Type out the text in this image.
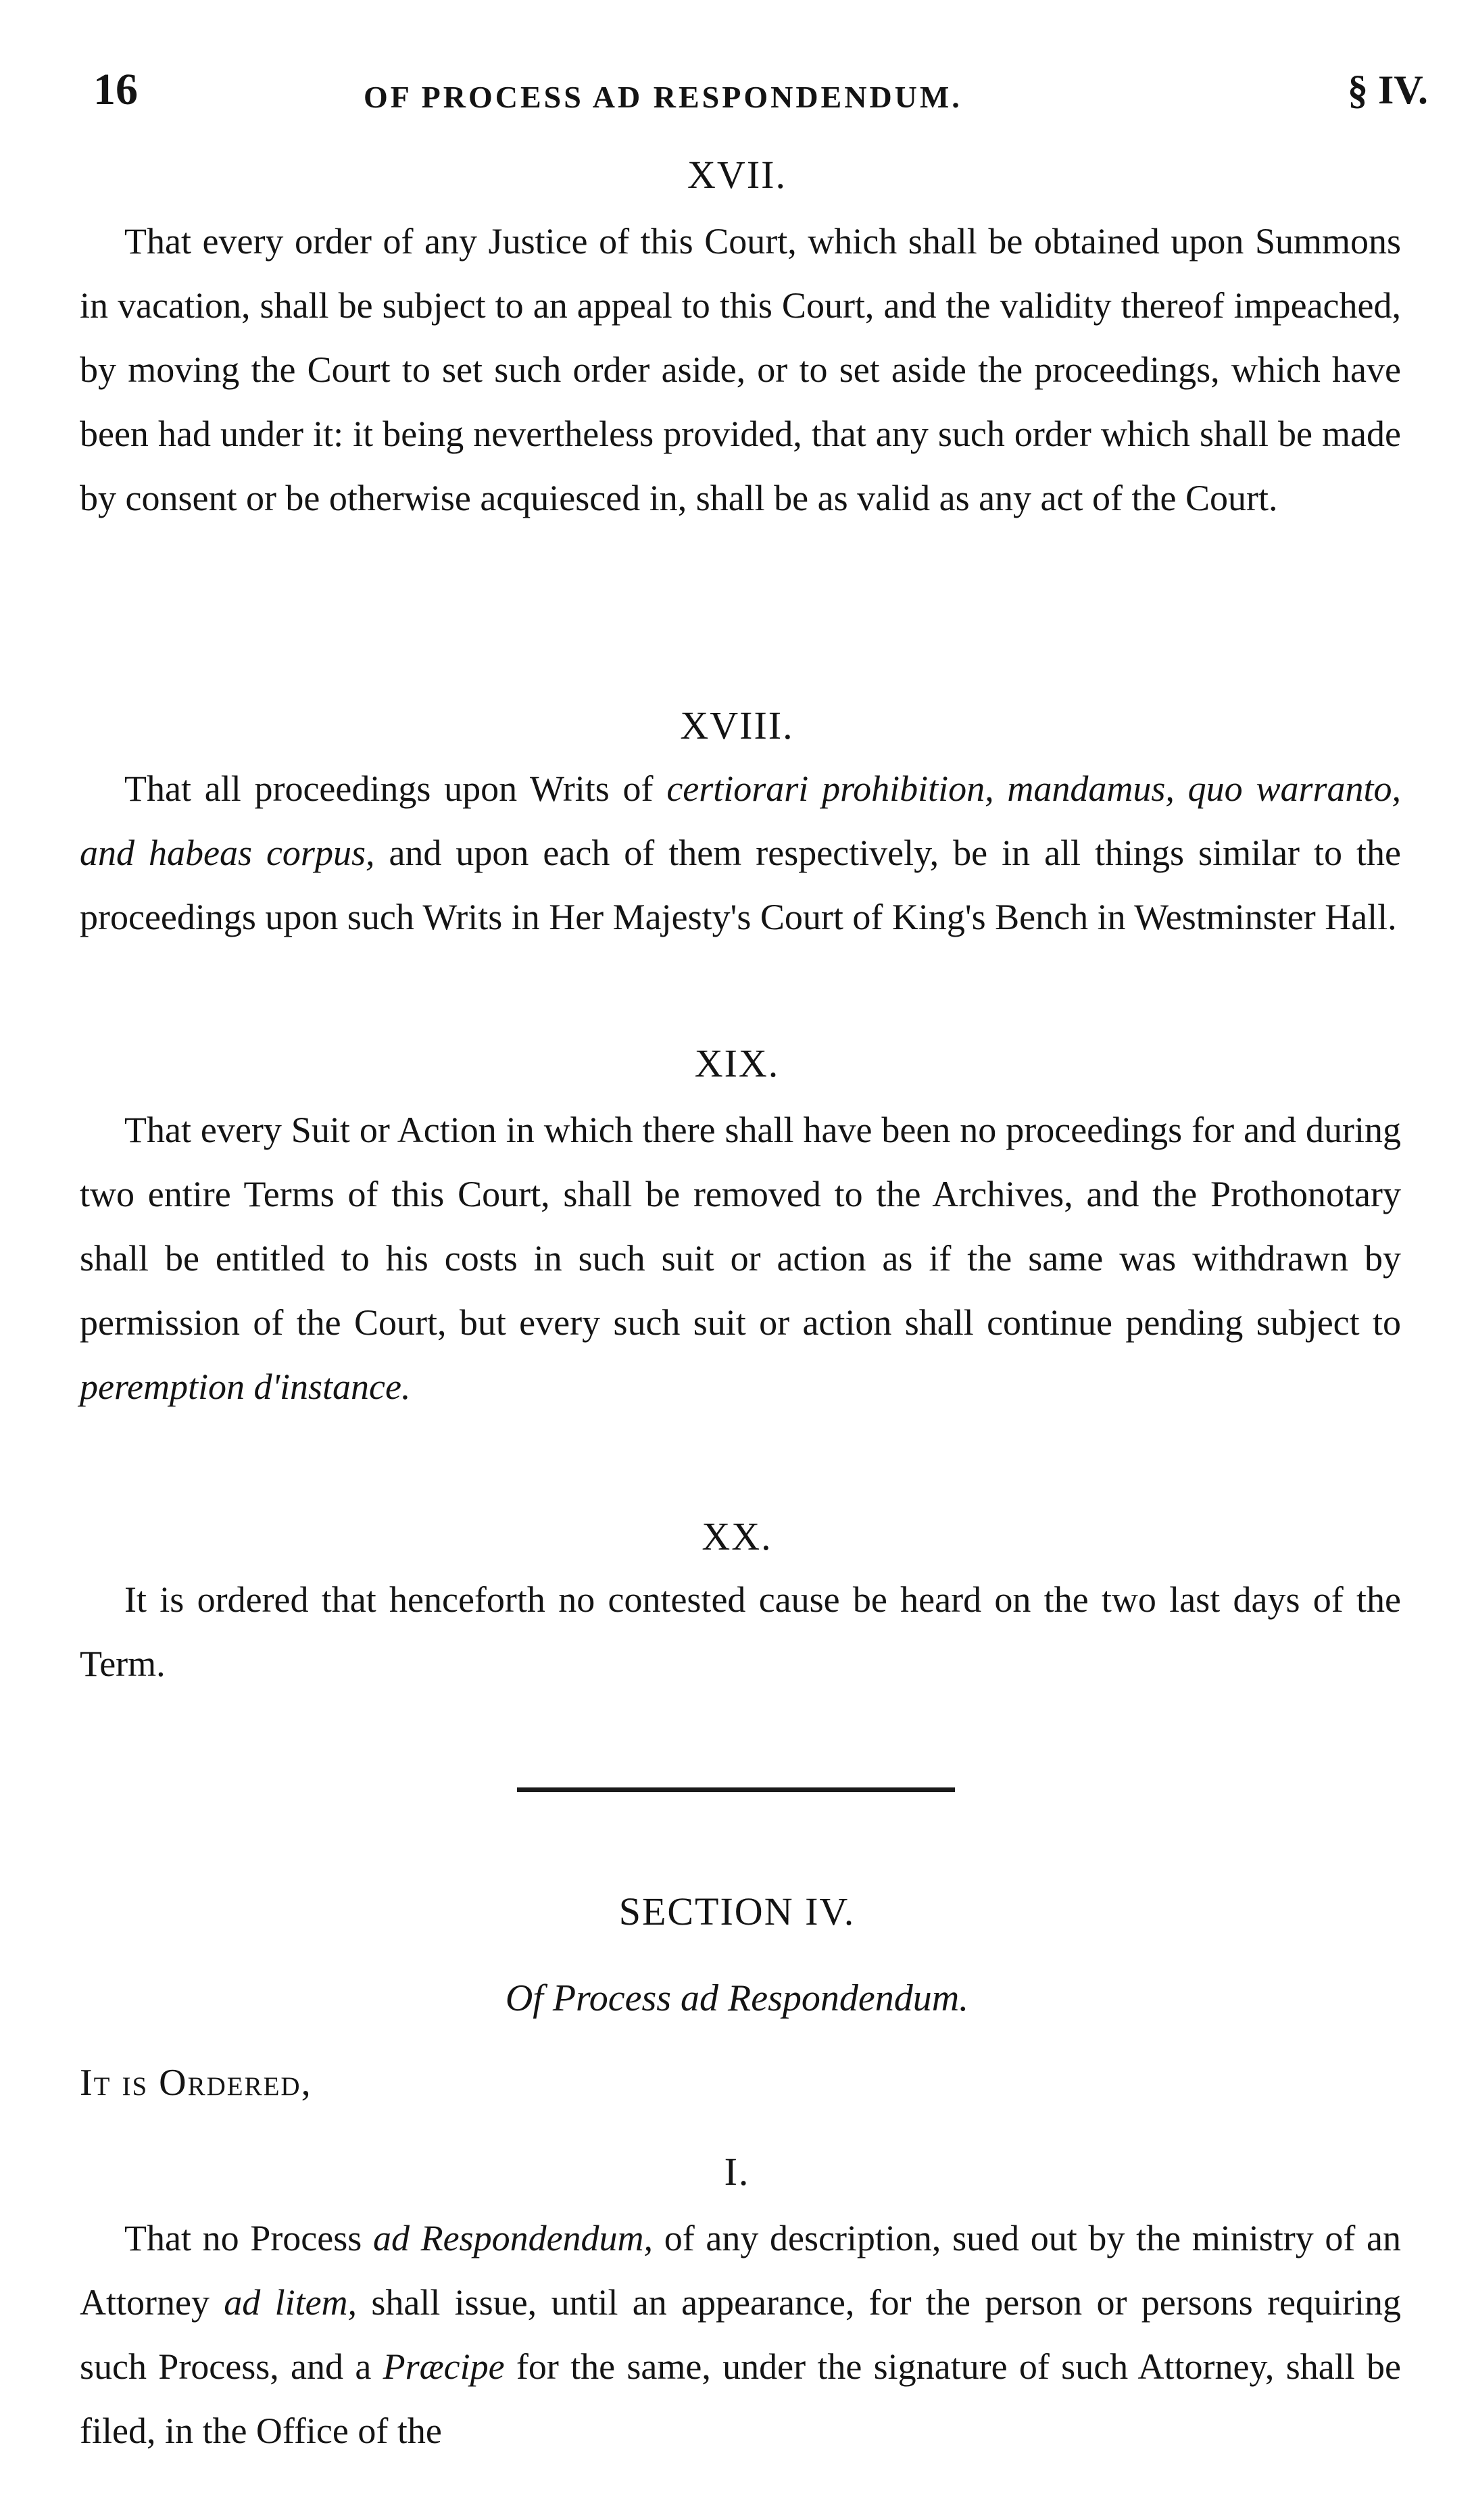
16	OF PROCESS AD RESPONDENDUM.	§ IV.
XVII.

That every order of any Justice of this Court, which shall be obtained upon Summons in vacation, shall be subject to an appeal to this Court, and the validity thereof impeached, by moving the Court to set such order aside, or to set aside the proceedings, which have been had under it: it being nevertheless provided, that any such order which shall be made by consent or be otherwise acquiesced in, shall be as valid as any act of the Court.

XVIII.

That all proceedings upon Writs of certiorari prohibition, mandamus, quo warranto, and habeas corpus, and upon each of them respectively, be in all things similar to the proceedings upon such Writs in Her Majesty's Court of King's Bench in Westminster Hall.

XIX.

That every Suit or Action in which there shall have been no proceedings for and during two entire Terms of this Court, shall be removed to the Archives, and the Prothonotary shall be entitled to his costs in such suit or action as if the same was withdrawn by permission of the Court, but every such suit or action shall continue pending subject to peremption d'instance.

XX.

It is ordered that henceforth no contested cause be heard on the two last days of the Term.

SECTION IV.
Of Process ad Respondendum.
It is Ordered,
I.

That no Process ad Respondendum, of any description, sued out by the ministry of an Attorney ad litem, shall issue, until an appearance, for the person or persons requiring such Process, and a Præcipe for the same, under the signature of such Attorney, shall be filed, in the Office of the
